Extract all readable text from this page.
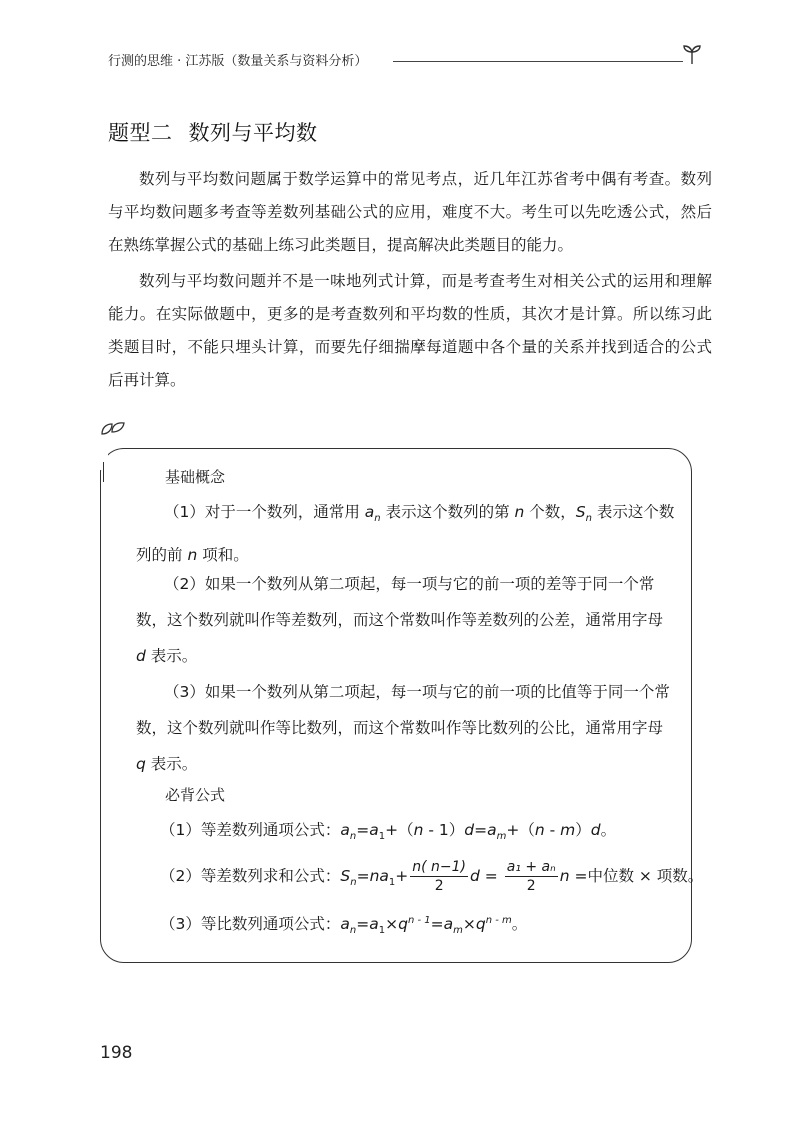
行测的思维 · 江苏版（数量关系与资料分析）
题型二 数列与平均数
数列与平均数问题属于数学运算中的常见考点，近几年江苏省考中偶有考查。数列与平均数问题多考查等差数列基础公式的应用，难度不大。考生可以先吃透公式，然后在熟练掌握公式的基础上练习此类题目，提高解决此类题目的能力。
数列与平均数问题并不是一味地列式计算，而是考查考生对相关公式的运用和理解能力。在实际做题中，更多的是考查数列和平均数的性质，其次才是计算。所以练习此类题目时，不能只埋头计算，而要先仔细揣摩每道题中各个量的关系并找到适合的公式后再计算。
基础概念
（1）对于一个数列，通常用 $a_n$ 表示这个数列的第 n 个数，$S_n$ 表示这个数列的前 n 项和。
（2）如果一个数列从第二项起，每一项与它的前一项的差等于同一个常数，这个数列就叫作等差数列，而这个常数叫作等差数列的公差，通常用字母 d 表示。
（3）如果一个数列从第二项起，每一项与它的前一项的比值等于同一个常数，这个数列就叫作等比数列，而这个常数叫作等比数列的公比，通常用字母 q 表示。
必背公式
（1）等差数列通项公式：$a_n=a_1+(n - 1)d=a_m+(n - m)d$。
（2）等差数列求和公式：$S_n=na_1+ \frac{n( n-1)}{2}$ $d = \frac{\text{a₁ + aₙ}}{2}$ n =中位数 × 项数。
（3）等比数列通项公式：$a_n=a_1\times q^{n - 1}=a_m\times q^{n - m}$。
198
